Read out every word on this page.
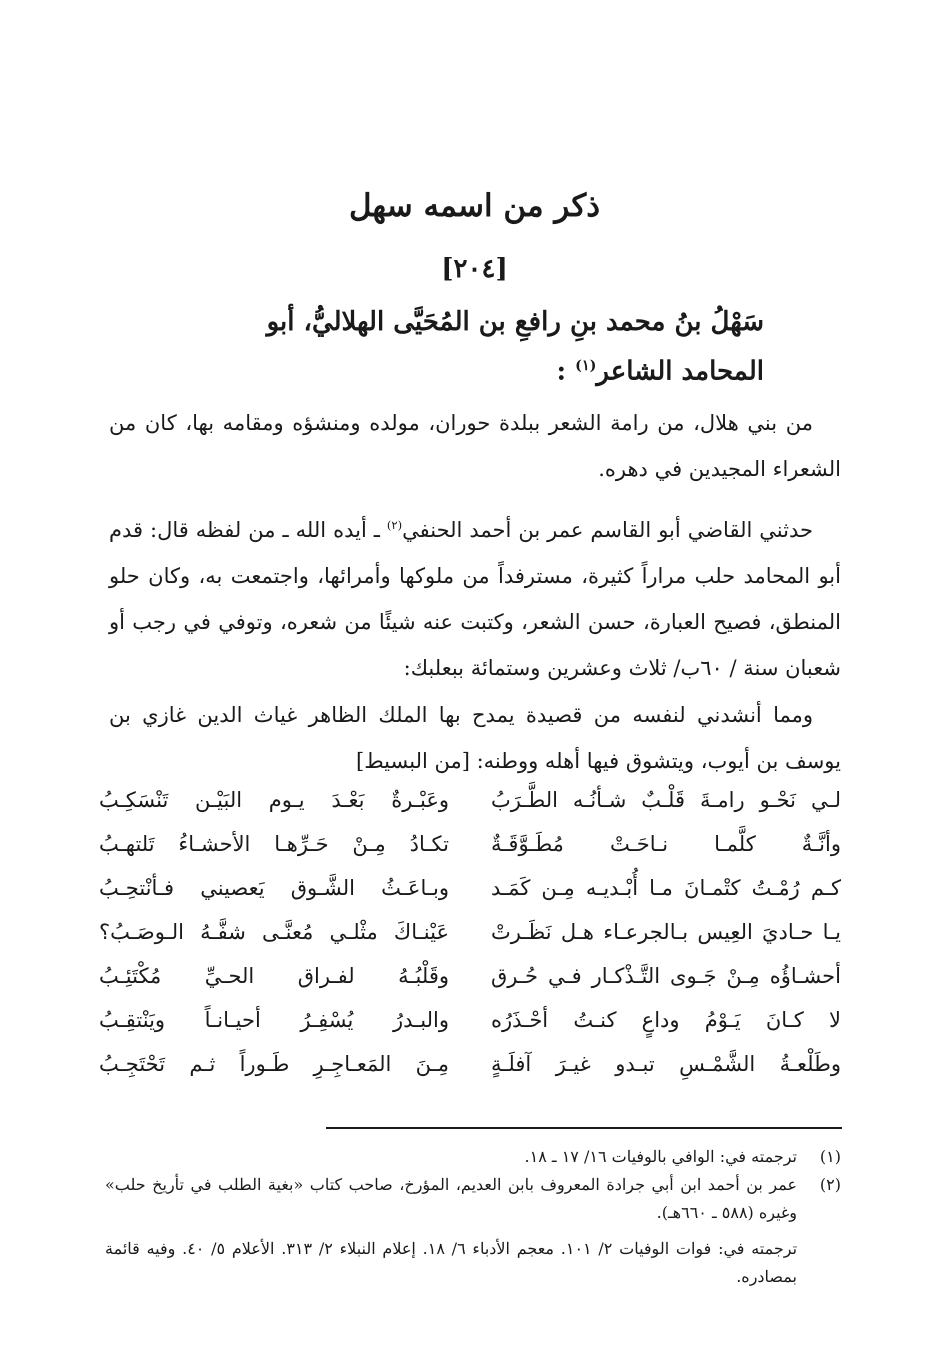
ذكر من اسمه سهل
[٢٠٤]
سَهْلُ بنُ محمد بنِ رافعِ بن المُحَيَّى الهلاليُّ، أبو المحامد الشاعر$^{(١)}$ :

من بني هلال، من رامة الشعر ببلدة حوران، مولده ومنشؤه ومقامه بها، كان من الشعراء المجيدين في دهره.

حدثني القاضي أبو القاسم عمر بن أحمد الحنفي$^{(٢)}$ ـ أيده الله ـ من لفظه قال: قدم أبو المحامد حلب مراراً كثيرة، مسترفداً من ملوكها وأمرائها، واجتمعت به، وكان حلو المنطق، فصيح العبارة، حسن الشعر، وكتبت عنه شيئًا من شعره، وتوفي في رجب أو شعبان سنة / ٦٠ب/ ثلاث وعشرين وستمائة ببعلبك:

ومما أنشدني لنفسه من قصيدة يمدح بها الملك الظاهر غياث الدين غازي بن يوسف بن أيوب، ويتشوق فيها أهله ووطنه: [من البسيط]

لـي نَحْـو رامـةَ قَلْـبٌ شـأنُـه الطَّـرَبُ
وعَبْـرةٌ بَعْـدَ يـوم البَيْـن تَنْسَكِـبُ
وأنَّـةٌ كلَّمـا نـاحَـتْ مُطَـوَّقَـةٌ
تكـادُ مِـنْ حَـرِّهـا الأحشـاءُ تَلتهـبُ
كـم رُمْـتُ كتْمـانَ مـا أُبْـديـه مِـن كَمَـد
وبـاعَـثُ الشَّـوق يَعصيني فـأنْتحِـبُ
يـا حـاديَ العِيس بـالجرعـاء هـل نَظَـرتْ
عَيْنـاكَ مثْلـي مُعنَّـى شفَّـهُ الـوصَـبُ؟
أحشـاؤُه مِـنْ جَـوى التَّـذْكـار فـي حُـرق
وقَلْبُـهُ لفـراق الحـيِّ مُكْتَئِـبُ
لا كـانَ يَـوْمُ وداعٍ كنـتُ أحْـذَرُه
والبـدرُ يُسْفِـرُ أحيـانـاً ويَنْتقِـبُ
وطَلْعـةُ الشَّمْـسِ تبـدو غيـرَ آفلَـةٍ
مِـنَ المَعـاجِـرِ طَـوراً ثـم تَحْتَجِـبُ
(١)
ترجمته في: الوافي بالوفيات ١٦/ ١٧ ـ ١٨.
(٢)
عمر بن أحمد ابن أبي جرادة المعروف بابن العديم، المؤرخ، صاحب كتاب «بغية الطلب في تأريخ حلب» وغيره (٥٨٨ ـ ٦٦٠هـ).
ترجمته في: فوات الوفيات ٢/ ١٠١. معجم الأدباء ٦/ ١٨. إعلام النبلاء ٢/ ٣١٣. الأعلام ٥/ ٤٠. وفيه قائمة بمصادره.
